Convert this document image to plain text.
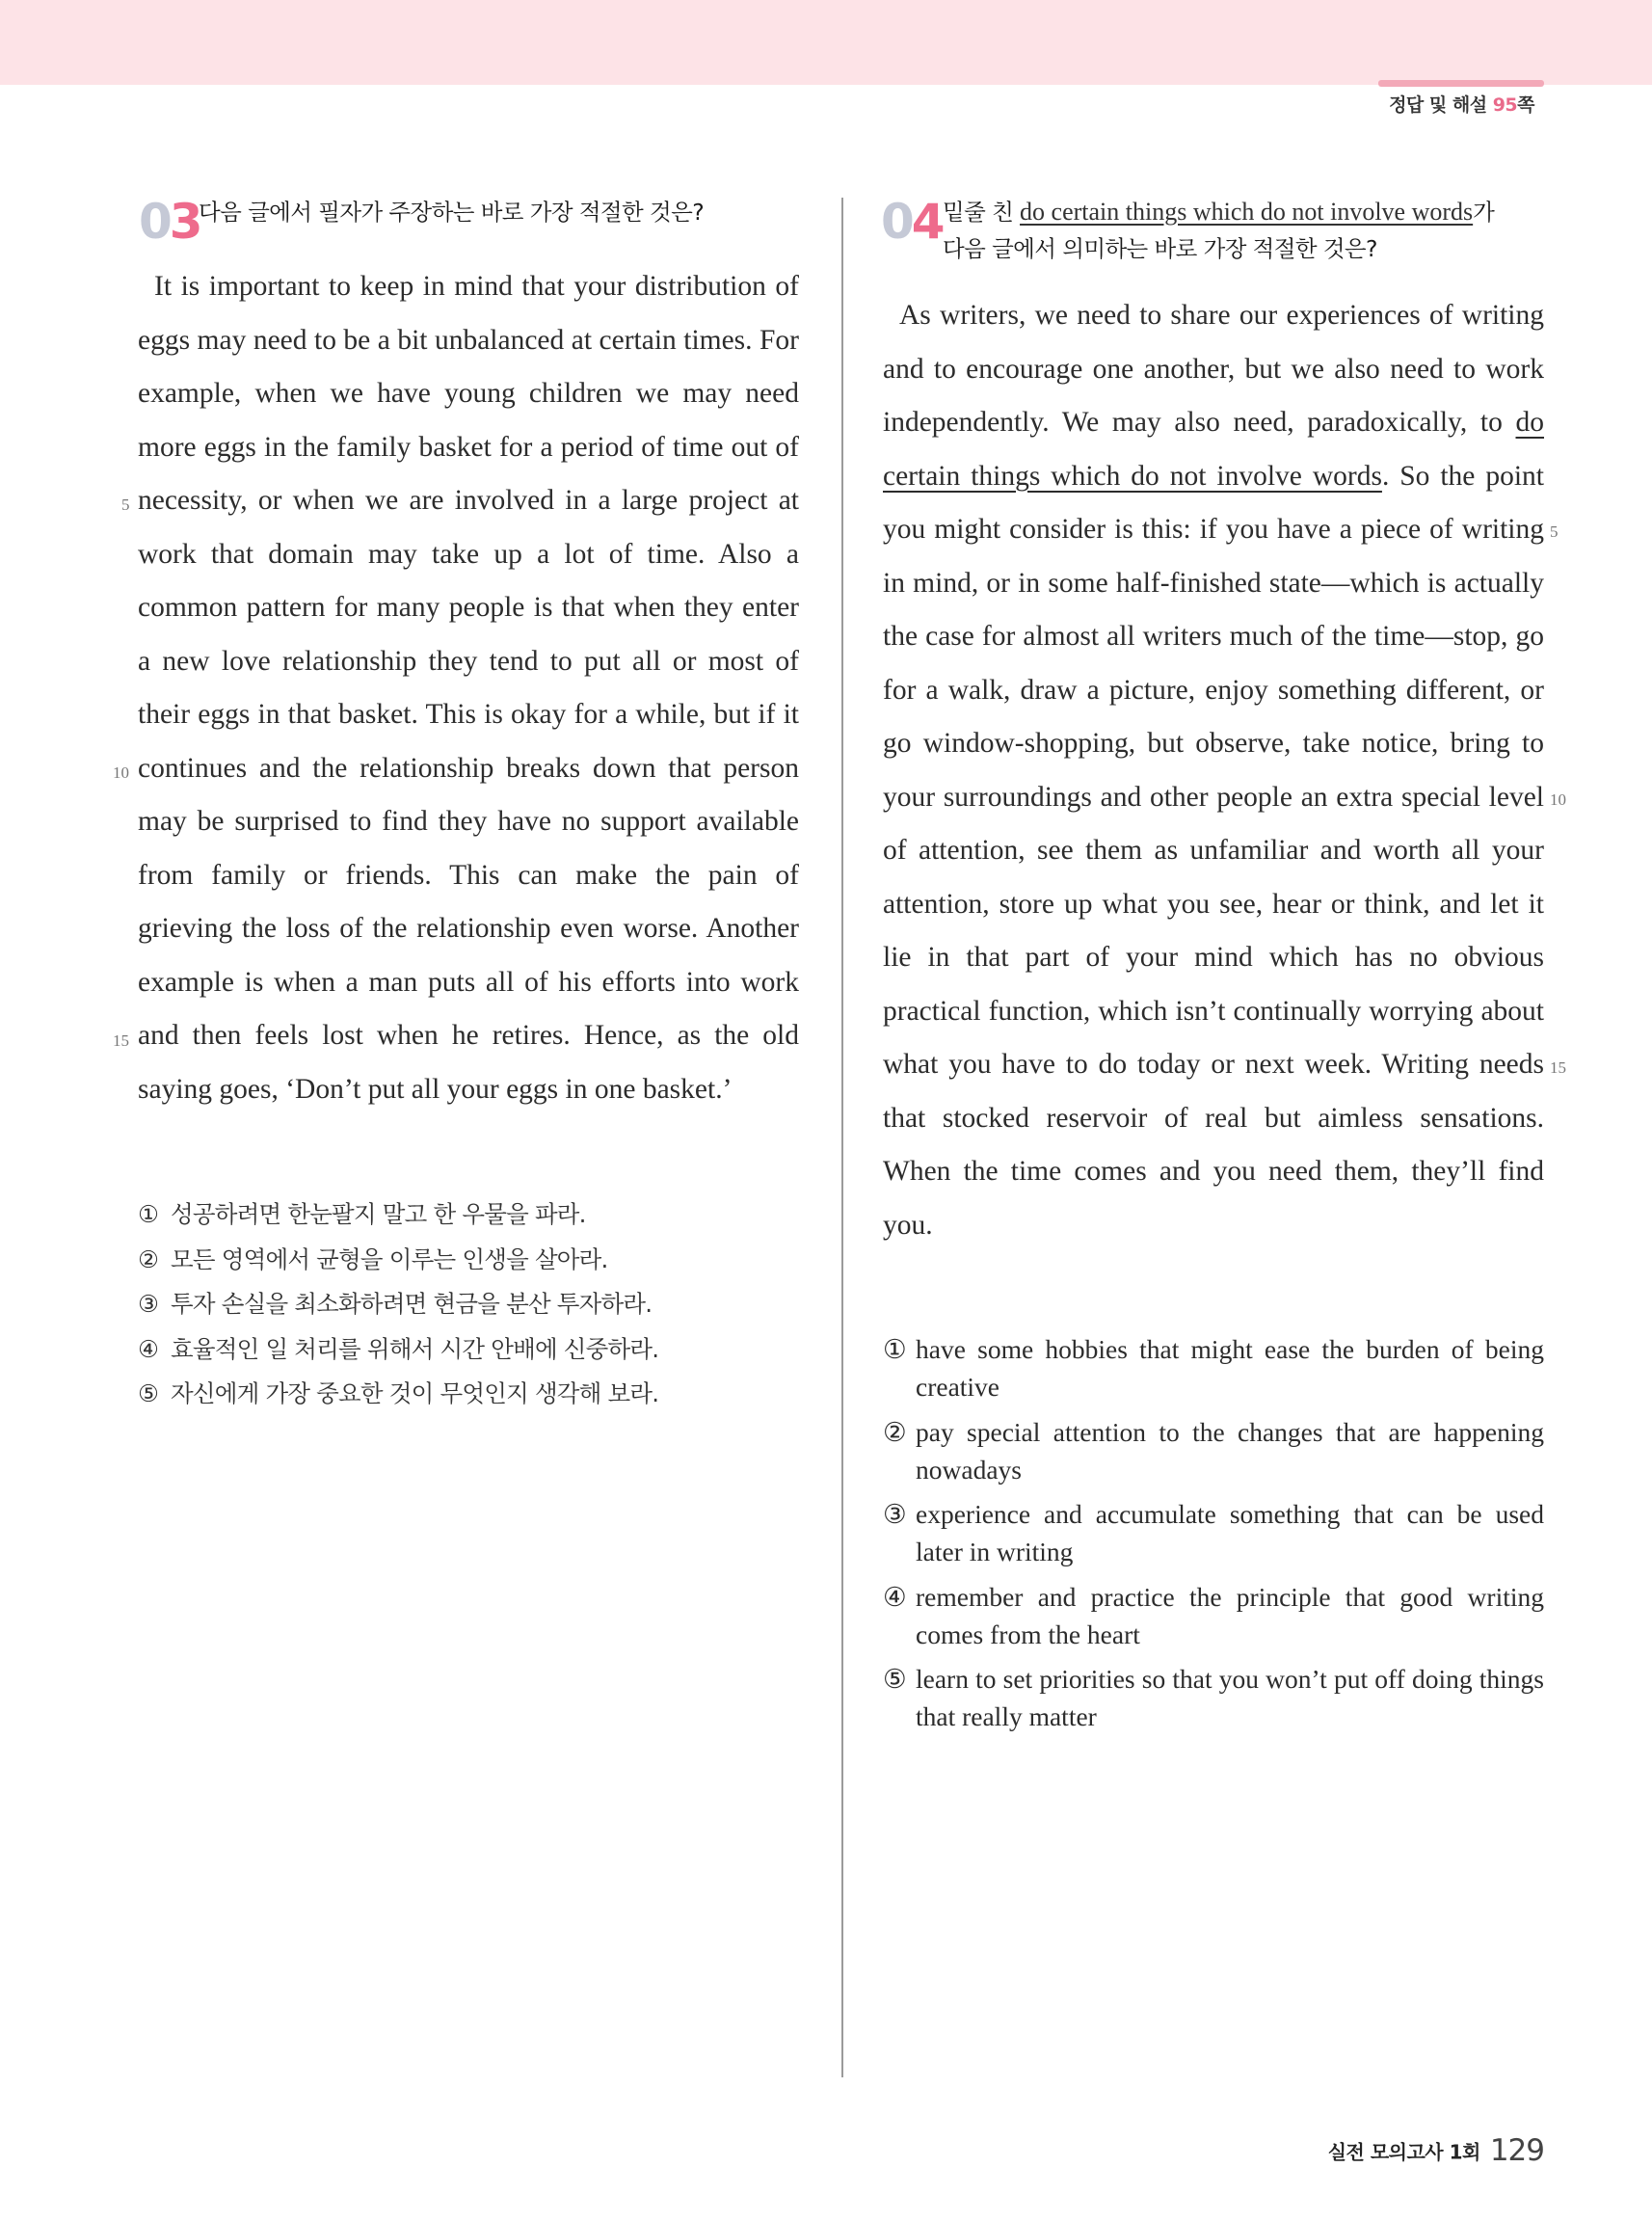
정답 및 해설 95쪽
03
다음 글에서 필자가 주장하는 바로 가장 적절한 것은?

It is important to keep in mind that your distribution of eggs may need to be a bit unbalanced at certain times. For example, when we have young children we may need more eggs in the family basket for a period of time out of necessity, or when we are involved in a large project at work that domain may take up a lot of time. Also a common pattern for many people is that when they enter a new love relationship they tend to put all or most of their eggs in that basket. This is okay for a while, but if it continues and the relationship breaks down that person may be surprised to find they have no support available from family or friends. This can make the pain of grieving the loss of the relationship even worse. Another example is when a man puts all of his efforts into work and then feels lost when he retires. Hence, as the old saying goes, ‘Don’t put all your eggs in one basket.’

5
10
15
① 성공하려면 한눈팔지 말고 한 우물을 파라.
② 모든 영역에서 균형을 이루는 인생을 살아라.
③ 투자 손실을 최소화하려면 현금을 분산 투자하라.
④ 효율적인 일 처리를 위해서 시간 안배에 신중하라.
⑤ 자신에게 가장 중요한 것이 무엇인지 생각해 보라.
04 밑줄 친 do certain things which do not involve words가
다음 글에서 의미하는 바로 가장 적절한 것은?

As writers, we need to share our experiences of writing and to encourage one another, but we also need to work independently. We may also need, paradoxically, to do certain things which do not involve words. So the point you might consider is this: if you have a piece of writing in mind, or in some half-finished state—which is actually the case for almost all writers much of the time—stop, go for a walk, draw a picture, enjoy something different, or go window-shopping, but observe, take notice, bring to your surroundings and other people an extra special level of attention, see them as unfamiliar and worth all your attention, store up what you see, hear or think, and let it lie in that part of your mind which has no obvious practical function, which isn’t continually worrying about what you have to do today or next week. Writing needs that stocked reservoir of real but aimless sensations. When the time comes and you need them, they’ll find you.

5
10
15
① have some hobbies that might ease the burden of being creative
② pay special attention to the changes that are happening nowadays
③ experience and accumulate something that can be used later in writing
④ remember and practice the principle that good writing comes from the heart
⑤ learn to set priorities so that you won’t put off doing things that really matter
실전 모의고사 1회 129
